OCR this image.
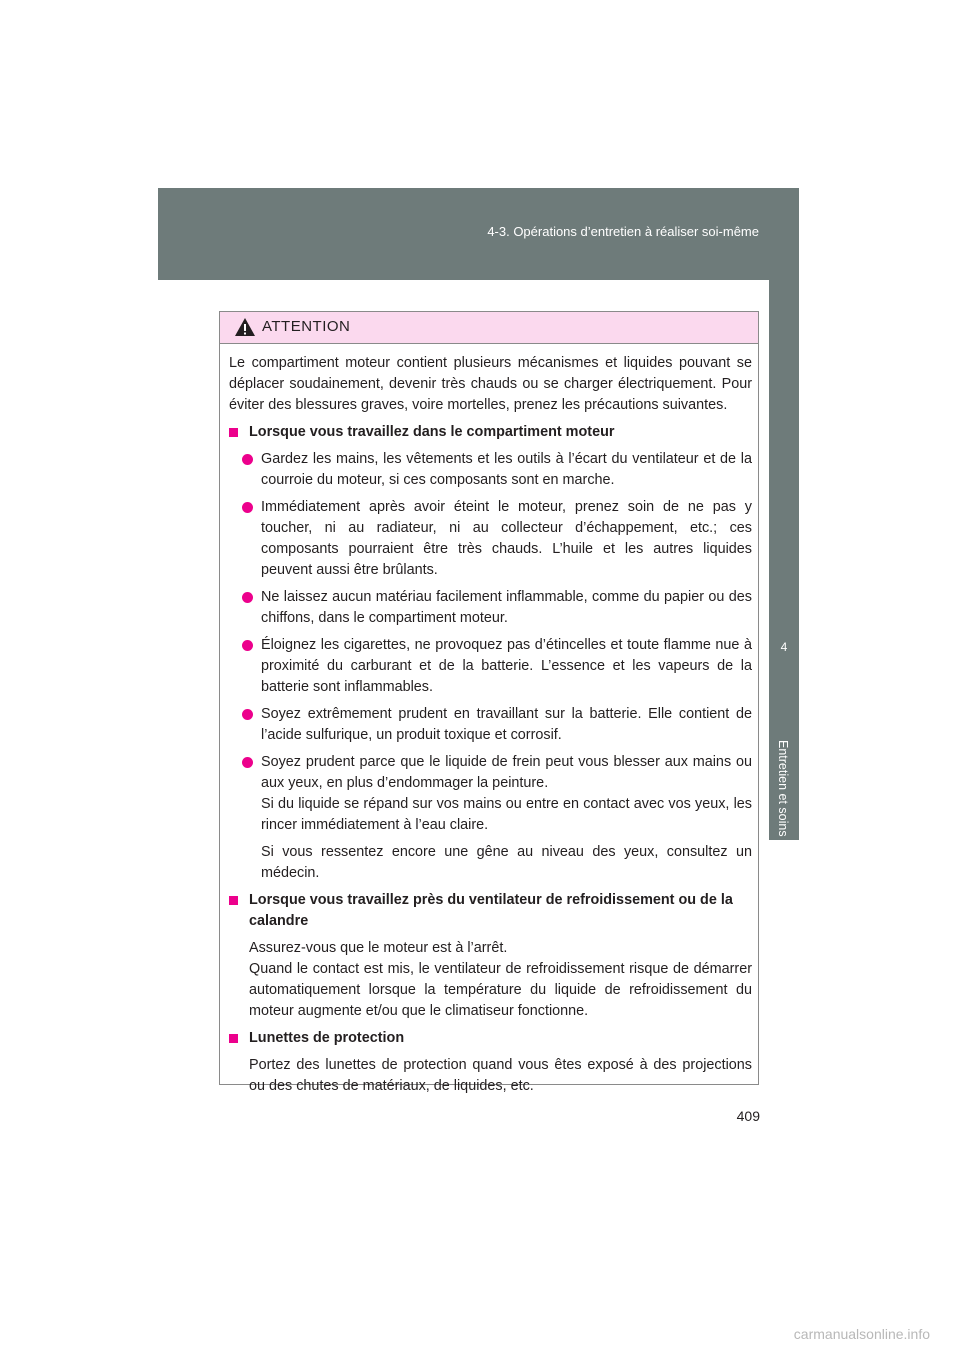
4-3. Opérations d’entretien à réaliser soi-même
4
Entretien et soins
ATTENTION

Le compartiment moteur contient plusieurs mécanismes et liquides pouvant se déplacer soudainement, devenir très chauds ou se charger électriquement. Pour éviter des blessures graves, voire mortelles, prenez les précautions suivantes.

Lorsque vous travaillez dans le compartiment moteur
Gardez les mains, les vêtements et les outils à l’écart du ventilateur et de la courroie du moteur, si ces composants sont en marche.
Immédiatement après avoir éteint le moteur, prenez soin de ne pas y toucher, ni au radiateur, ni au collecteur d’échappement, etc.; ces composants pourraient être très chauds. L’huile et les autres liquides peuvent aussi être brûlants.
Ne laissez aucun matériau facilement inflammable, comme du papier ou des chiffons, dans le compartiment moteur.
Éloignez les cigarettes, ne provoquez pas d’étincelles et toute flamme nue à proximité du carburant et de la batterie. L’essence et les vapeurs de la batterie sont inflammables.
Soyez extrêmement prudent en travaillant sur la batterie. Elle contient de l’acide sulfurique, un produit toxique et corrosif.
Soyez prudent parce que le liquide de frein peut vous blesser aux mains ou aux yeux, en plus d’endommager la peinture.

Si du liquide se répand sur vos mains ou entre en contact avec vos yeux, les rincer immédiatement à l’eau claire.

Si vous ressentez encore une gêne au niveau des yeux, consultez un médecin.

Lorsque vous travaillez près du ventilateur de refroidissement ou de la calandre

Assurez-vous que le moteur est à l’arrêt.

Quand le contact est mis, le ventilateur de refroidissement risque de démarrer automatiquement lorsque la température du liquide de refroidissement du moteur augmente et/ou que le climatiseur fonctionne.

Lunettes de protection

Portez des lunettes de protection quand vous êtes exposé à des projections ou des chutes de matériaux, de liquides, etc.

409
carmanualsonline.info
